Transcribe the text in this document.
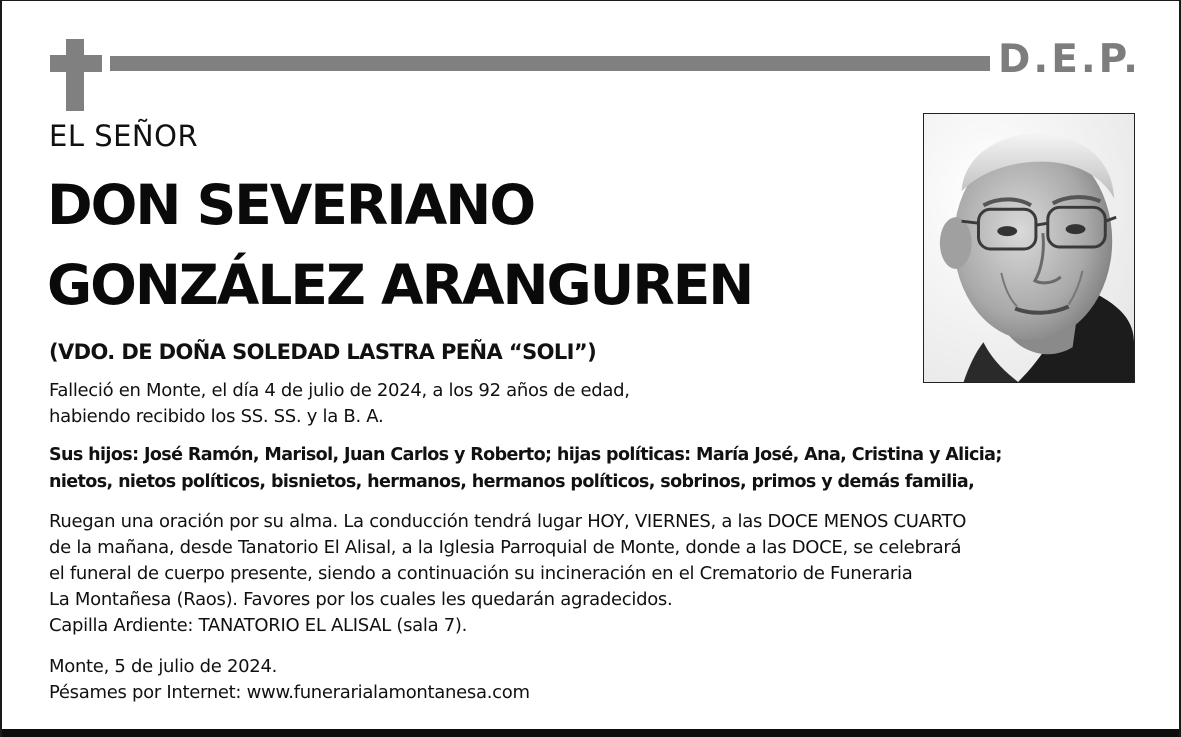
D.E.P.
EL SEÑOR
DON SEVERIANO
GONZÁLEZ ARANGUREN
(VDO. DE DOÑA SOLEDAD LASTRA PEÑA “SOLI”)
Falleció en Monte, el día 4 de julio de 2024, a los 92 años de edad,
habiendo recibido los SS. SS. y la B. A.
Sus hijos: José Ramón, Marisol, Juan Carlos y Roberto; hijas políticas: María José, Ana, Cristina y Alicia;
nietos, nietos políticos, bisnietos, hermanos, hermanos políticos, sobrinos, primos y demás familia,
Ruegan una oración por su alma. La conducción tendrá lugar HOY, VIERNES, a las DOCE MENOS CUARTO
de la mañana, desde Tanatorio El Alisal, a la Iglesia Parroquial de Monte, donde a las DOCE, se celebrará
el funeral de cuerpo presente, siendo a continuación su incineración en el Crematorio de Funeraria
La Montañesa (Raos). Favores por los cuales les quedarán agradecidos.
Capilla Ardiente: TANATORIO EL ALISAL (sala 7).
Monte, 5 de julio de 2024.
Pésames por Internet: www.funerarialamontanesa.com
